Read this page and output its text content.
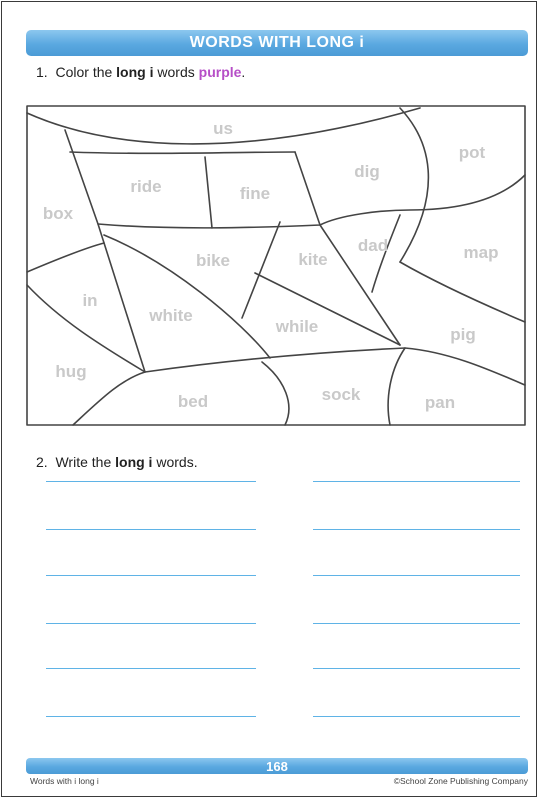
WORDS WITH LONG i
1. Color the long i words purple.
us
ride	fine
dig
pot
box
bike	kite
dad	map
in
white
while	pig
hug
bed	sock	pan
2. Write the long i words.
168
Words with i long i	©School Zone Publishing Company
